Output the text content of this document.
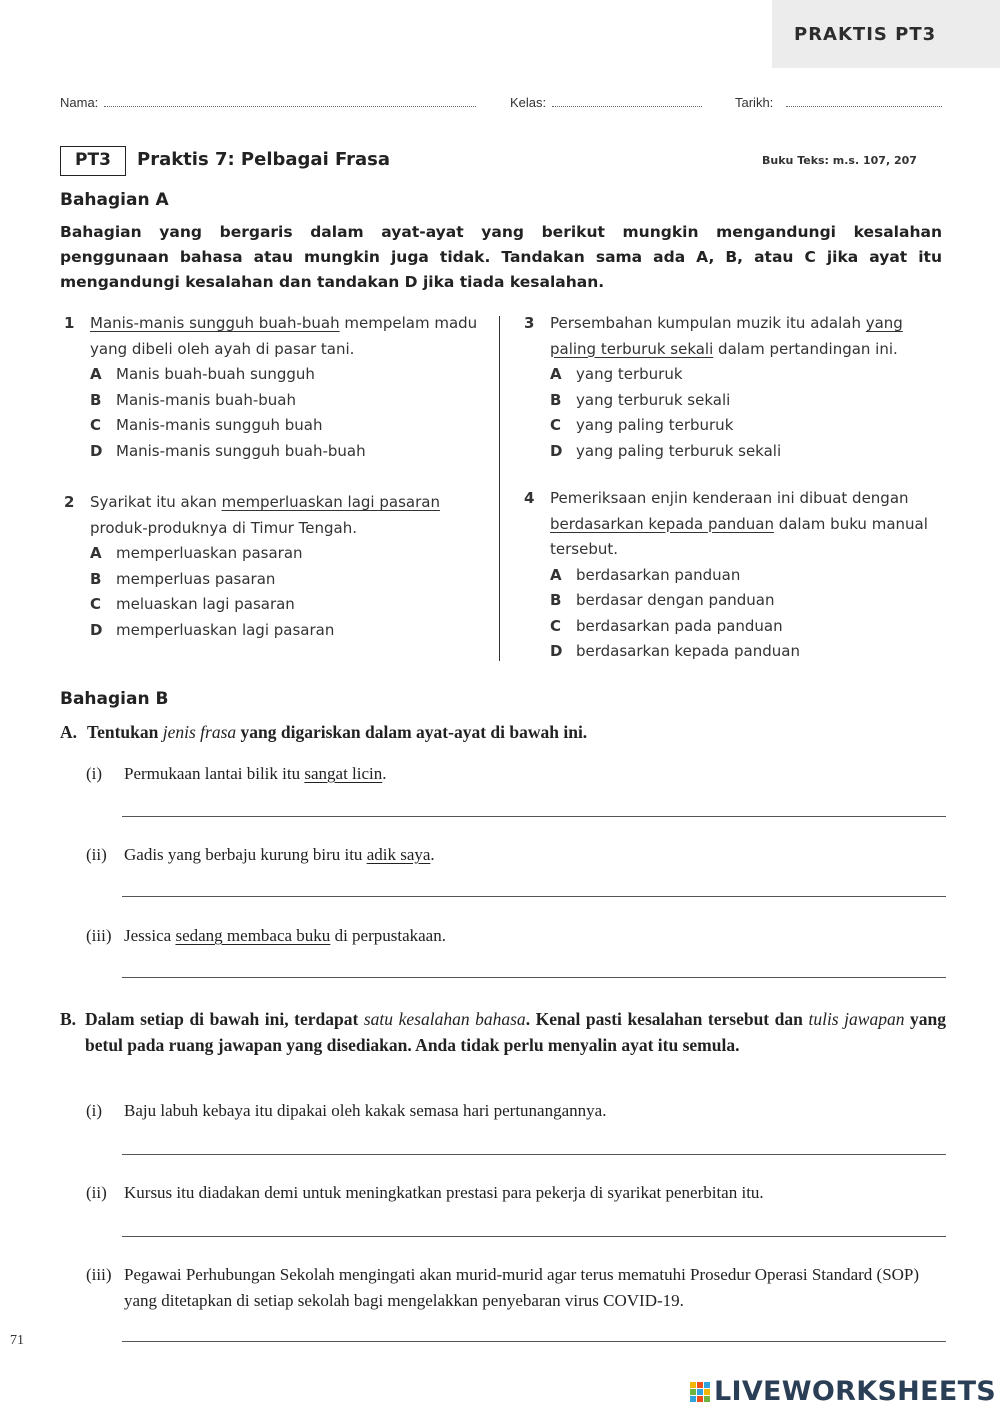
PRAKTIS PT3
Nama:	Kelas:	Tarikh:
PT3	Praktis 7: Pelbagai Frasa	Buku Teks: m.s. 107, 207
Bahagian A
Bahagian yang bergaris dalam ayat-ayat yang berikut mungkin mengandungi kesalahan penggunaan bahasa atau mungkin juga tidak. Tandakan sama ada A, B, atau C jika ayat itu mengandungi kesalahan dan tandakan D jika tiada kesalahan.
1 Manis-manis sungguh buah-buah mempelam madu yang dibeli oleh ayah di pasar tani.
A Manis buah-buah sungguh
B Manis-manis buah-buah
C Manis-manis sungguh buah
D Manis-manis sungguh buah-buah
2 Syarikat itu akan memperluaskan lagi pasaran produk-produknya di Timur Tengah.
A memperluaskan pasaran
B memperluas pasaran
C meluaskan lagi pasaran
D memperluaskan lagi pasaran
3 Persembahan kumpulan muzik itu adalah yang paling terburuk sekali dalam pertandingan ini.
A yang terburuk
B yang terburuk sekali
C yang paling terburuk
D yang paling terburuk sekali
4 Pemeriksaan enjin kenderaan ini dibuat dengan berdasarkan kepada panduan dalam buku manual tersebut.
A berdasarkan panduan
B berdasar dengan panduan
C berdasarkan pada panduan
D berdasarkan kepada panduan
Bahagian B
A. Tentukan jenis frasa yang digariskan dalam ayat-ayat di bawah ini.
(i) Permukaan lantai bilik itu sangat licin.
(ii) Gadis yang berbaju kurung biru itu adik saya.
(iii) Jessica sedang membaca buku di perpustakaan.
B. Dalam setiap di bawah ini, terdapat satu kesalahan bahasa. Kenal pasti kesalahan tersebut dan tulis jawapan yang betul pada ruang jawapan yang disediakan. Anda tidak perlu menyalin ayat itu semula.
(i) Baju labuh kebaya itu dipakai oleh kakak semasa hari pertunangannya.
(ii) Kursus itu diadakan demi untuk meningkatkan prestasi para pekerja di syarikat penerbitan itu.
(iii) Pegawai Perhubungan Sekolah mengingati akan murid-murid agar terus mematuhi Prosedur Operasi Standard (SOP) yang ditetapkan di setiap sekolah bagi mengelakkan penyebaran virus COVID-19.
71
LIVEWORKSHEETS
